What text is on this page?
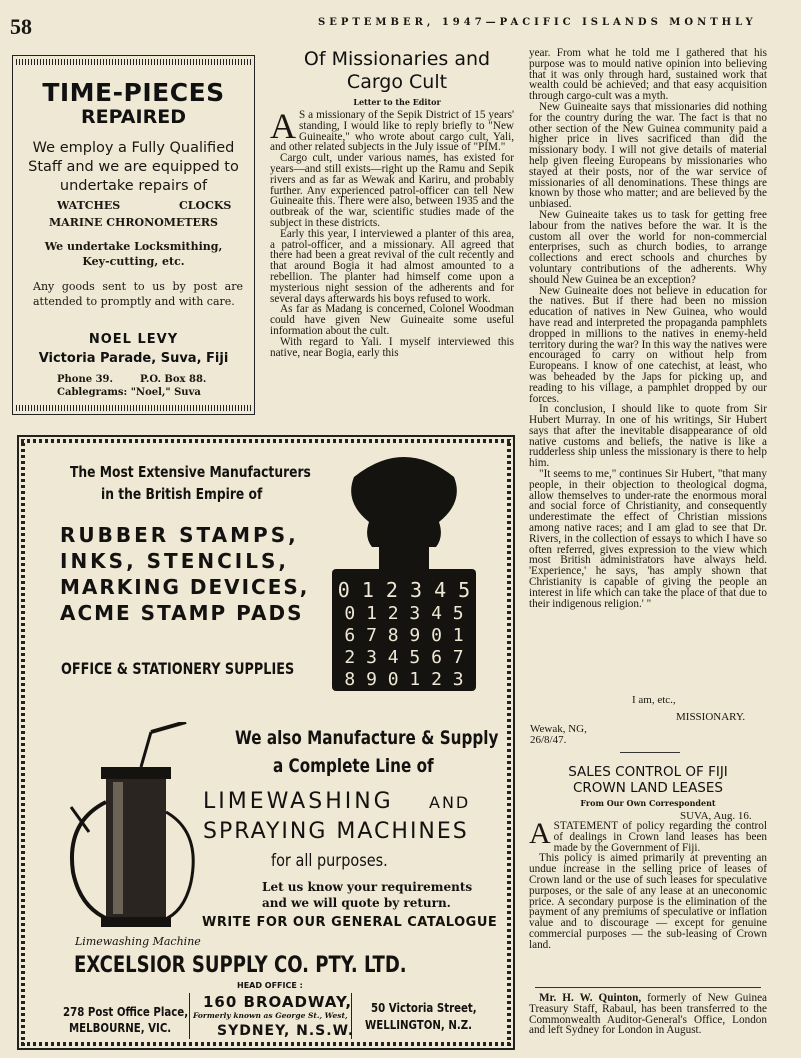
58	SEPTEMBER, 1947—PACIFIC ISLANDS MONTHLY
TIME-PIECES
REPAIRED
We employ a Fully Qualified
Staff and we are equipped to
undertake repairs of
WATCHES	CLOCKS
MARINE CHRONOMETERS
We undertake Locksmithing,
Key-cutting, etc.
Any goods sent to us by post are attended to promptly and with care.
NOEL LEVY
Victoria Parade, Suva, Fiji
Phone 39.	P.O. Box 88.
Cablegrams: "Noel," Suva
Of Missionaries and
Cargo Cult
Letter to the Editor

A S a missionary of the Sepik District of 15 years' standing, I would like to reply briefly to "New Guineaite," who wrote about cargo cult, Yali, and other related subjects in the July issue of "PIM."

Cargo cult, under various names, has existed for years—and still exists—right up the Ramu and Sepik rivers and as far as Wewak and Kariru, and probably further. Any experienced patrol-officer can tell New Guineaite this. There were also, between 1935 and the outbreak of the war, scientific studies made of the subject in these districts.

Early this year, I interviewed a planter of this area, a patrol-officer, and a missionary. All agreed that there had been a great revival of the cult recently and that around Bogia it had almost amounted to a rebellion. The planter had himself come upon a mysterious night session of the adherents and for several days afterwards his boys refused to work.

As far as Madang is concerned, Colonel Woodman could have given New Guineaite some useful information about the cult.

With regard to Yali. I myself interviewed this native, near Bogia, early this

year. From what he told me I gathered that his purpose was to mould native opinion into believing that it was only through hard, sustained work that wealth could be achieved; and that easy acquisition through cargo-cult was a myth.

New Guineaite says that missionaries did nothing for the country during the war. The fact is that no other section of the New Guinea community paid a higher price in lives sacrificed than did the missionary body. I will not give details of material help given fleeing Europeans by missionaries who stayed at their posts, nor of the war service of missionaries of all denominations. These things are known by those who matter; and are believed by the unbiased.

New Guineaite takes us to task for getting free labour from the natives before the war. It is the custom all over the world for non-commercial enterprises, such as church bodies, to arrange collections and erect schools and churches by voluntary contributions of the adherents. Why should New Guinea be an exception?

New Guineaite does not believe in education for the natives. But if there had been no mission education of natives in New Guinea, who would have read and interpreted the propaganda pamphlets dropped in millions to the natives in enemy-held territory during the war? In this way the natives were encouraged to carry on without help from Europeans. I know of one catechist, at least, who was beheaded by the Japs for picking up, and reading to his village, a pamphlet dropped by our forces.

In conclusion, I should like to quote from Sir Hubert Murray. In one of his writings, Sir Hubert says that after the inevitable disappearance of old native customs and beliefs, the native is like a rudderless ship unless the missionary is there to help him.

"It seems to me," continues Sir Hubert, "that many people, in their objection to theological dogma, allow themselves to under-rate the enormous moral and social force of Christianity, and consequently underestimate the effect of Christian missions among native races; and I am glad to see that Dr. Rivers, in the collection of essays to which I have so often referred, gives expression to the view which most British administrators have always held. 'Experience,' he says, 'has amply shown that Christianity is capable of giving the people an interest in life which can take the place of that due to their indigenous religion.' "

I am, etc.,
MISSIONARY.
Wewak, NG,
26/8/47.
SALES CONTROL OF FIJI
CROWN LAND LEASES
From Our Own Correspondent
SUVA, Aug. 16.

ASTATEMENT of policy regarding the control of dealings in Crown land leases has been made by the Government of Fiji.

This policy is aimed primarily at preventing an undue increase in the selling price of leases of Crown land or the use of such leases for speculative purposes, or the sale of any lease at an uneconomic price. A secondary purpose is the elimination of the payment of any premiums of speculative or inflation value and to discourage — except for genuine commercial purposes — the sub-leasing of Crown land.

Mr. H. W. Quinton, formerly of New Guinea Treasury Staff, Rabaul, has been transferred to the Commonwealth Auditor-General's Office, London and left Sydney for London in August.

The Most Extensive Manufacturers
in the British Empire of
RUBBER STAMPS,
INKS, STENCILS,
MARKING DEVICES,
ACME STAMP PADS
OFFICE & STATIONERY SUPPLIES
0 1 2 3 4 5
0 1 2 3 4 5
6 7 8 9 0 1
2 3 4 5 6 7
8 9 0 1 2 3
Limewashing Machine
We also Manufacture & Supply
a Complete Line of
LIMEWASHING AND
SPRAYING MACHINES
for all purposes.
Let us know your requirements
and we will quote by return.
WRITE FOR OUR GENERAL CATALOGUE
EXCELSIOR SUPPLY CO. PTY. LTD.
HEAD OFFICE :
278 Post Office Place,
MELBOURNE, VIC.
160 BROADWAY,
Formerly known as George St., West,
SYDNEY, N.S.W.
50 Victoria Street,
WELLINGTON, N.Z.
